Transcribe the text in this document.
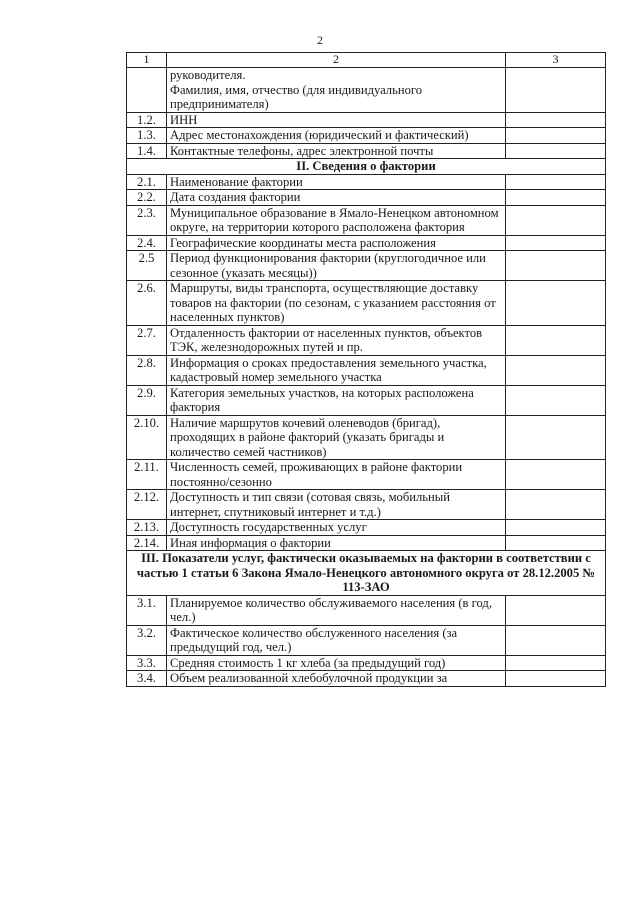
2
1	2	3
	руководителя.
Фамилия, имя, отчество (для индивидуального предпринимателя)	
1.2.	ИНН	
1.3.	Адрес местонахождения (юридический и фактический)	
1.4.	Контактные телефоны, адрес электронной почты	
II. Сведения о фактории		
2.1.	Наименование фактории	
2.2.	Дата создания фактории	
2.3.	Муниципальное образование в Ямало-Ненецком автономном округе, на территории которого расположена фактория	
2.4.	Географические координаты места расположения	
2.5	Период функционирования фактории (круглогодичное или сезонное (указать месяцы))	
2.6.	Маршруты, виды транспорта, осуществляющие доставку товаров на фактории (по сезонам, с указанием расстояния от населенных пунктов)	
2.7.	Отдаленность фактории от населенных пунктов, объектов ТЭК, железнодорожных путей и пр.	
2.8.	Информация о сроках предоставления земельного участка, кадастровый номер земельного участка	
2.9.	Категория земельных участков, на которых расположена фактория	
2.10.	Наличие маршрутов кочевий оленеводов (бригад), проходящих в районе факторий (указать бригады и количество семей частников)	
2.11.	Численность семей, проживающих в районе фактории постоянно/сезонно	
2.12.	Доступность и тип связи (сотовая связь, мобильный интернет, спутниковый интернет и т.д.)	
2.13.	Доступность государственных услуг	
2.14.	Иная информация о фактории	
III. Показатели услуг, фактически оказываемых на фактории в соответствии с частью 1 статьи 6 Закона Ямало-Ненецкого автономного округа от 28.12.2005 № 113-ЗАО		
3.1.	Планируемое количество обслуживаемого населения (в год, чел.)	
3.2.	Фактическое количество обслуженного населения (за предыдущий год, чел.)	
3.3.	Средняя стоимость 1 кг хлеба (за предыдущий год)	
3.4.	Объем реализованной хлебобулочной продукции за	
